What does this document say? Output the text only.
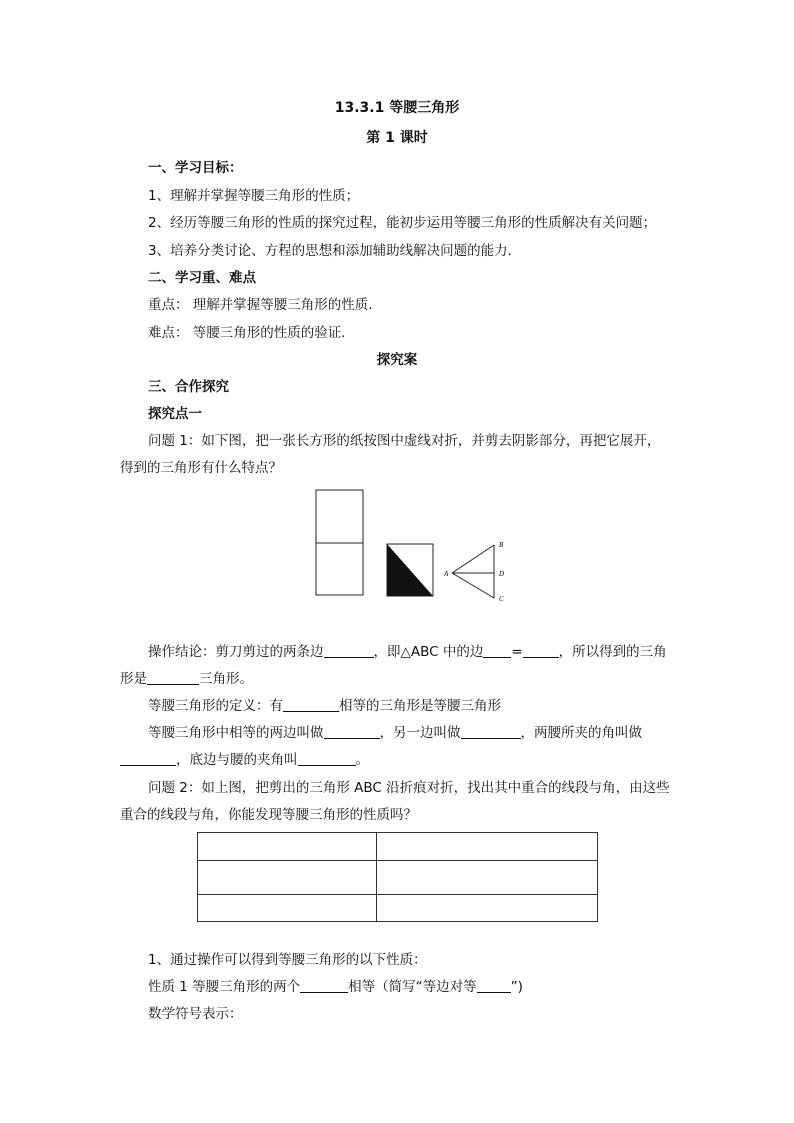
13.3.1 等腰三角形
第 1 课时
一、学习目标：
1、理解并掌握等腰三角形的性质；
2、经历等腰三角形的性质的探究过程，能初步运用等腰三角形的性质解决有关问题；
3、培养分类讨论、方程的思想和添加辅助线解决问题的能力.
二、学习重、难点
重点： 理解并掌握等腰三角形的性质.
难点： 等腰三角形的性质的验证.
探究案
三、合作探究
探究点一
问题 1：如下图，把一张长方形的纸按图中虚线对折，并剪去阴影部分，再把它展开，
得到的三角形有什么特点？
A
B
D
C
操作结论：剪刀剪过的两条边	，即△ABC 中的边 =	，所以得到的三角
形是	三角形。
等腰三角形的定义：有	相等的三角形是等腰三角形
等腰三角形中相等的两边叫做	，另一边叫做	，两腰所夹的角叫做
，底边与腰的夹角叫	。
问题 2：如上图，把剪出的三角形 ABC 沿折痕对折，找出其中重合的线段与角，由这些
重合的线段与角，你能发现等腰三角形的性质吗？

1、通过操作可以得到等腰三角形的以下性质：
性质 1 等腰三角形的两个	相等（简写“等边对等	”)
数学符号表示：
